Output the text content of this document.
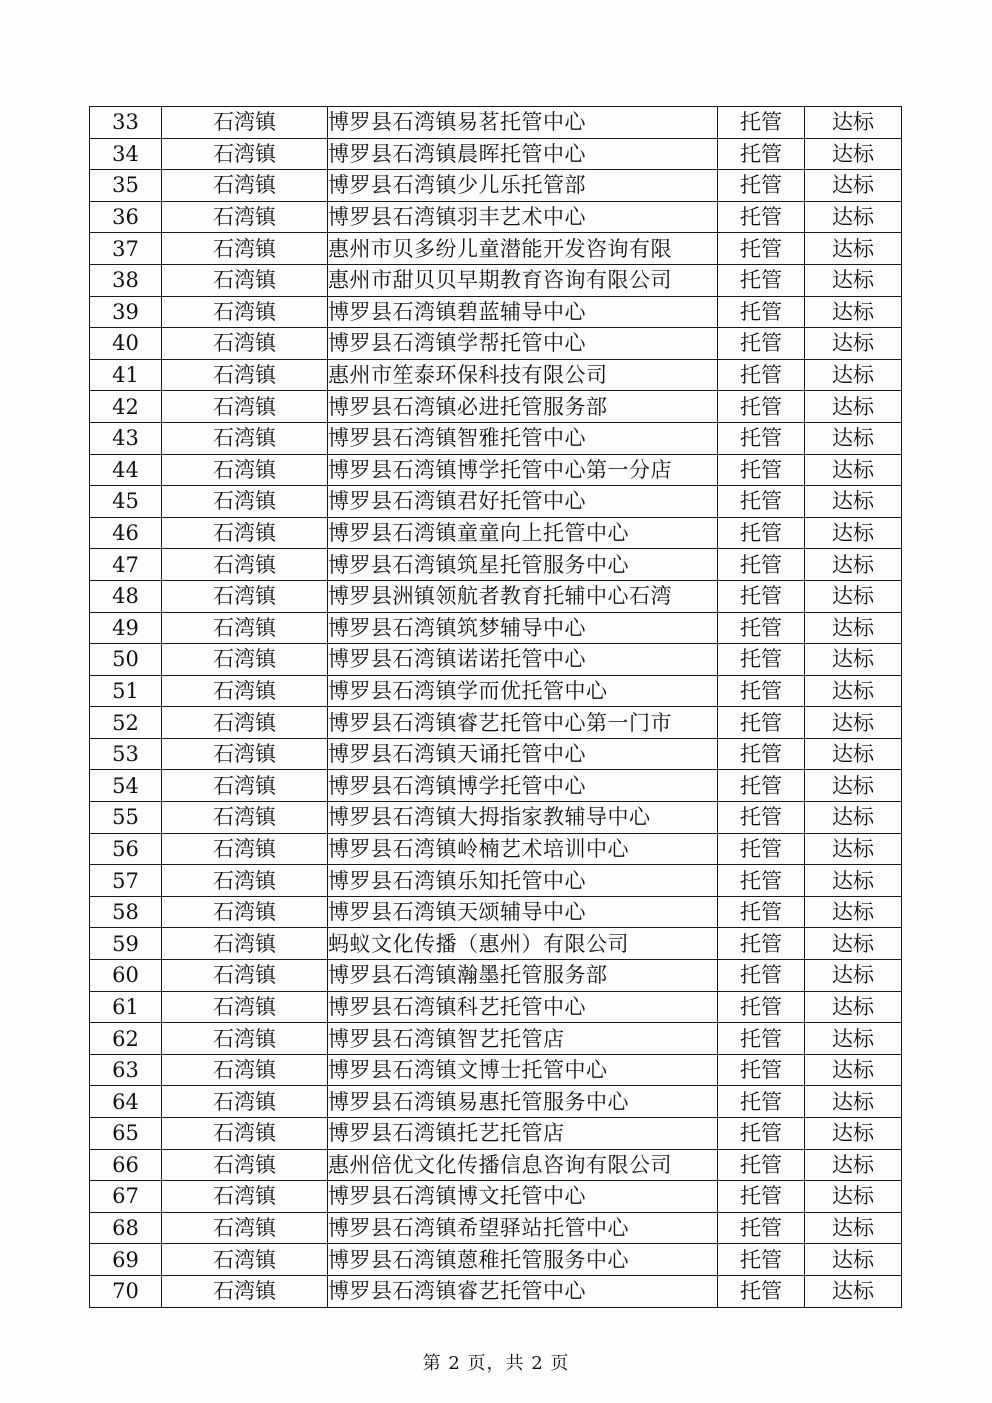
33	石湾镇	博罗县石湾镇易茗托管中心	托管	达标
34	石湾镇	博罗县石湾镇晨晖托管中心	托管	达标
35	石湾镇	博罗县石湾镇少儿乐托管部	托管	达标
36	石湾镇	博罗县石湾镇羽丰艺术中心	托管	达标
37	石湾镇	惠州市贝多纷儿童潜能开发咨询有限	托管	达标
38	石湾镇	惠州市甜贝贝早期教育咨询有限公司	托管	达标
39	石湾镇	博罗县石湾镇碧蓝辅导中心	托管	达标
40	石湾镇	博罗县石湾镇学帮托管中心	托管	达标
41	石湾镇	惠州市笙泰环保科技有限公司	托管	达标
42	石湾镇	博罗县石湾镇必进托管服务部	托管	达标
43	石湾镇	博罗县石湾镇智雅托管中心	托管	达标
44	石湾镇	博罗县石湾镇博学托管中心第一分店	托管	达标
45	石湾镇	博罗县石湾镇君好托管中心	托管	达标
46	石湾镇	博罗县石湾镇童童向上托管中心	托管	达标
47	石湾镇	博罗县石湾镇筑星托管服务中心	托管	达标
48	石湾镇	博罗县洲镇领航者教育托辅中心石湾	托管	达标
49	石湾镇	博罗县石湾镇筑梦辅导中心	托管	达标
50	石湾镇	博罗县石湾镇诺诺托管中心	托管	达标
51	石湾镇	博罗县石湾镇学而优托管中心	托管	达标
52	石湾镇	博罗县石湾镇睿艺托管中心第一门市	托管	达标
53	石湾镇	博罗县石湾镇天诵托管中心	托管	达标
54	石湾镇	博罗县石湾镇博学托管中心	托管	达标
55	石湾镇	博罗县石湾镇大拇指家教辅导中心	托管	达标
56	石湾镇	博罗县石湾镇岭楠艺术培训中心	托管	达标
57	石湾镇	博罗县石湾镇乐知托管中心	托管	达标
58	石湾镇	博罗县石湾镇天颂辅导中心	托管	达标
59	石湾镇	蚂蚁文化传播（惠州）有限公司	托管	达标
60	石湾镇	博罗县石湾镇瀚墨托管服务部	托管	达标
61	石湾镇	博罗县石湾镇科艺托管中心	托管	达标
62	石湾镇	博罗县石湾镇智艺托管店	托管	达标
63	石湾镇	博罗县石湾镇文博士托管中心	托管	达标
64	石湾镇	博罗县石湾镇易惠托管服务中心	托管	达标
65	石湾镇	博罗县石湾镇托艺托管店	托管	达标
66	石湾镇	惠州倍优文化传播信息咨询有限公司	托管	达标
67	石湾镇	博罗县石湾镇博文托管中心	托管	达标
68	石湾镇	博罗县石湾镇希望驿站托管中心	托管	达标
69	石湾镇	博罗县石湾镇蒽稚托管服务中心	托管	达标
70	石湾镇	博罗县石湾镇睿艺托管中心	托管	达标
第 2 页，共 2 页
